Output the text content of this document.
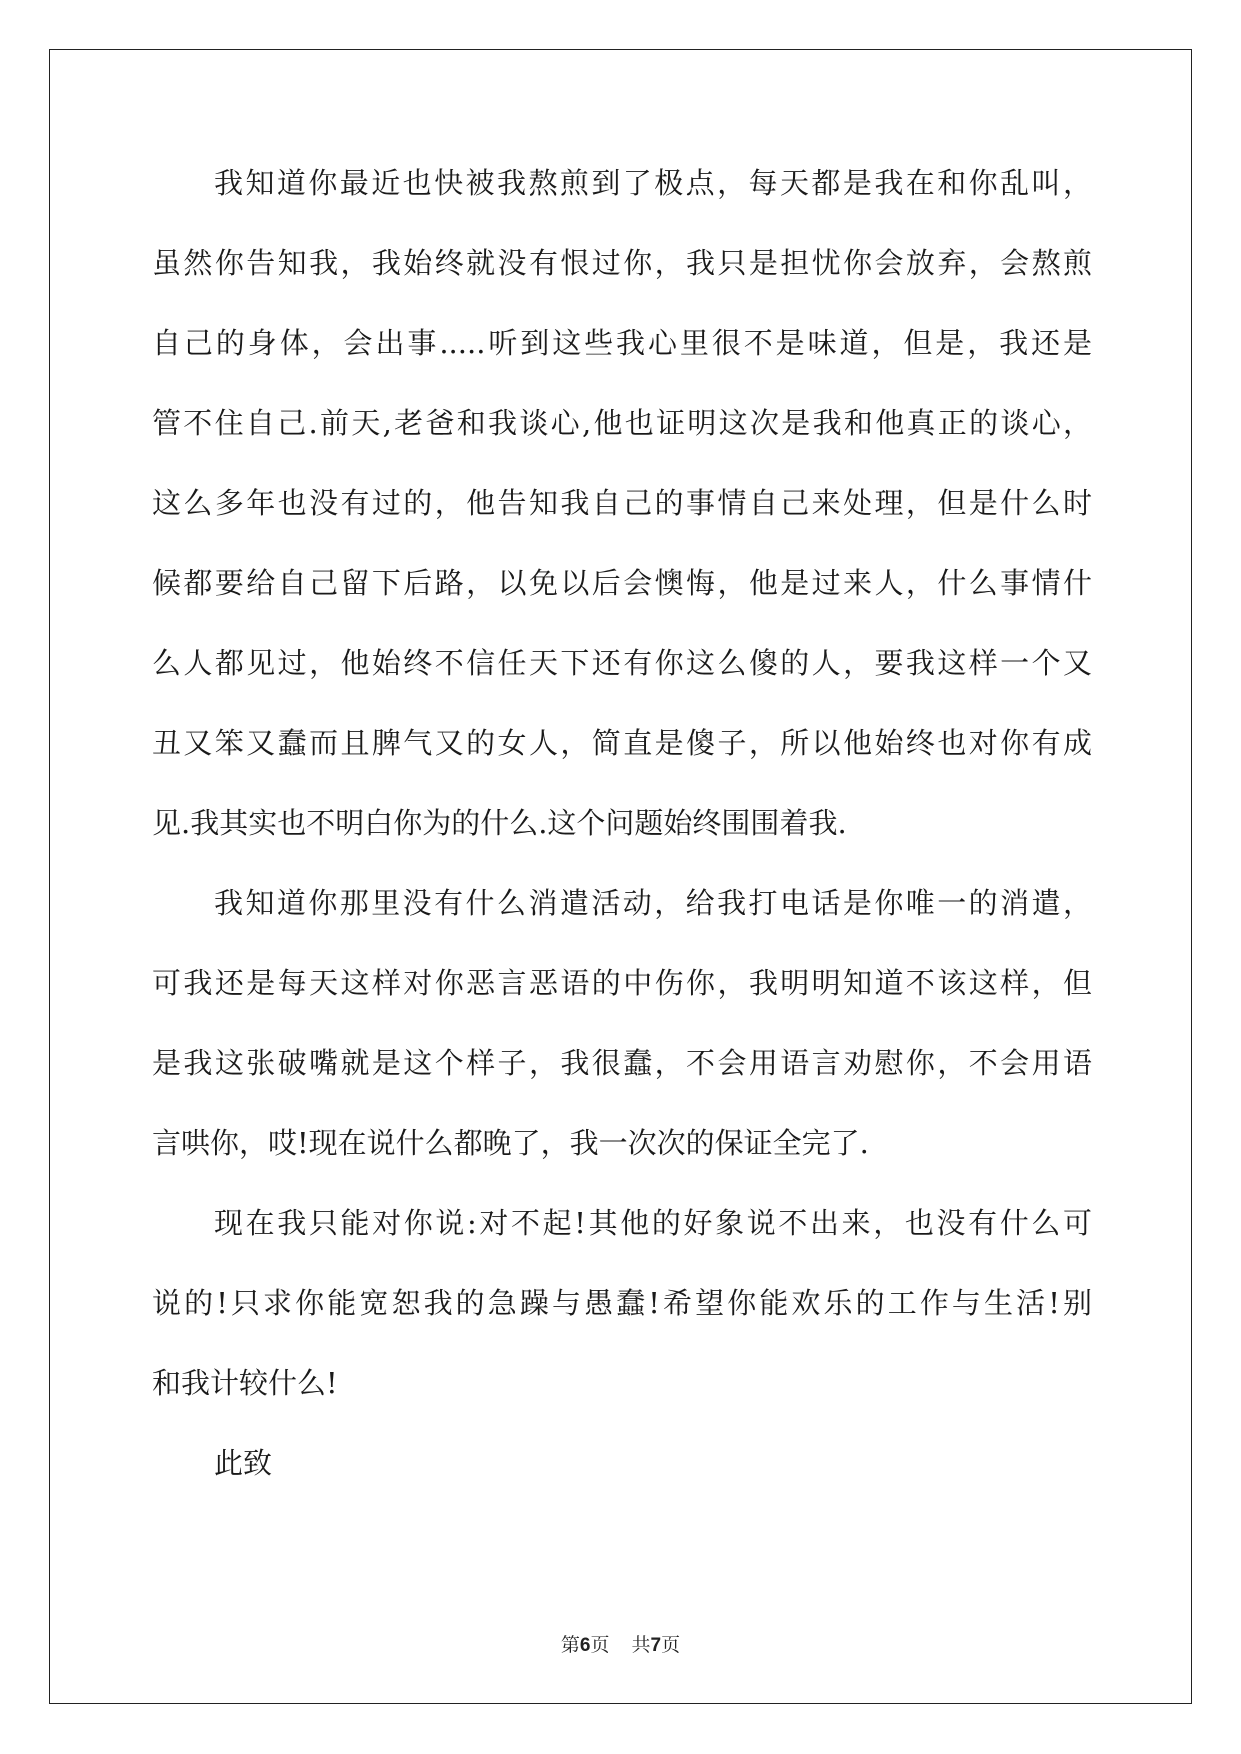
我知道你最近也快被我熬煎到了极点，每天都是我在和你乱叫，
虽然你告知我，我始终就没有恨过你，我只是担忧你会放弃，会熬煎
自己的身体，会出事.....听到这些我心里很不是味道，但是，我还是
管不住自己.前天,老爸和我谈心,他也证明这次是我和他真正的谈心，
这么多年也没有过的，他告知我自己的事情自己来处理，但是什么时
候都要给自己留下后路，以免以后会懊悔，他是过来人，什么事情什
么人都见过，他始终不信任天下还有你这么傻的人，要我这样一个又
丑又笨又蠢而且脾气又的女人，简直是傻子，所以他始终也对你有成
见.我其实也不明白你为的什么.这个问题始终围围着我.
我知道你那里没有什么消遣活动，给我打电话是你唯一的消遣，
可我还是每天这样对你恶言恶语的中伤你，我明明知道不该这样，但
是我这张破嘴就是这个样子，我很蠢，不会用语言劝慰你，不会用语
言哄你，哎!现在说什么都晚了，我一次次的保证全完了.
现在我只能对你说:对不起!其他的好象说不出来，也没有什么可
说的!只求你能宽恕我的急躁与愚蠢!希望你能欢乐的工作与生活!别
和我计较什么!
此致
第6页 共7页
